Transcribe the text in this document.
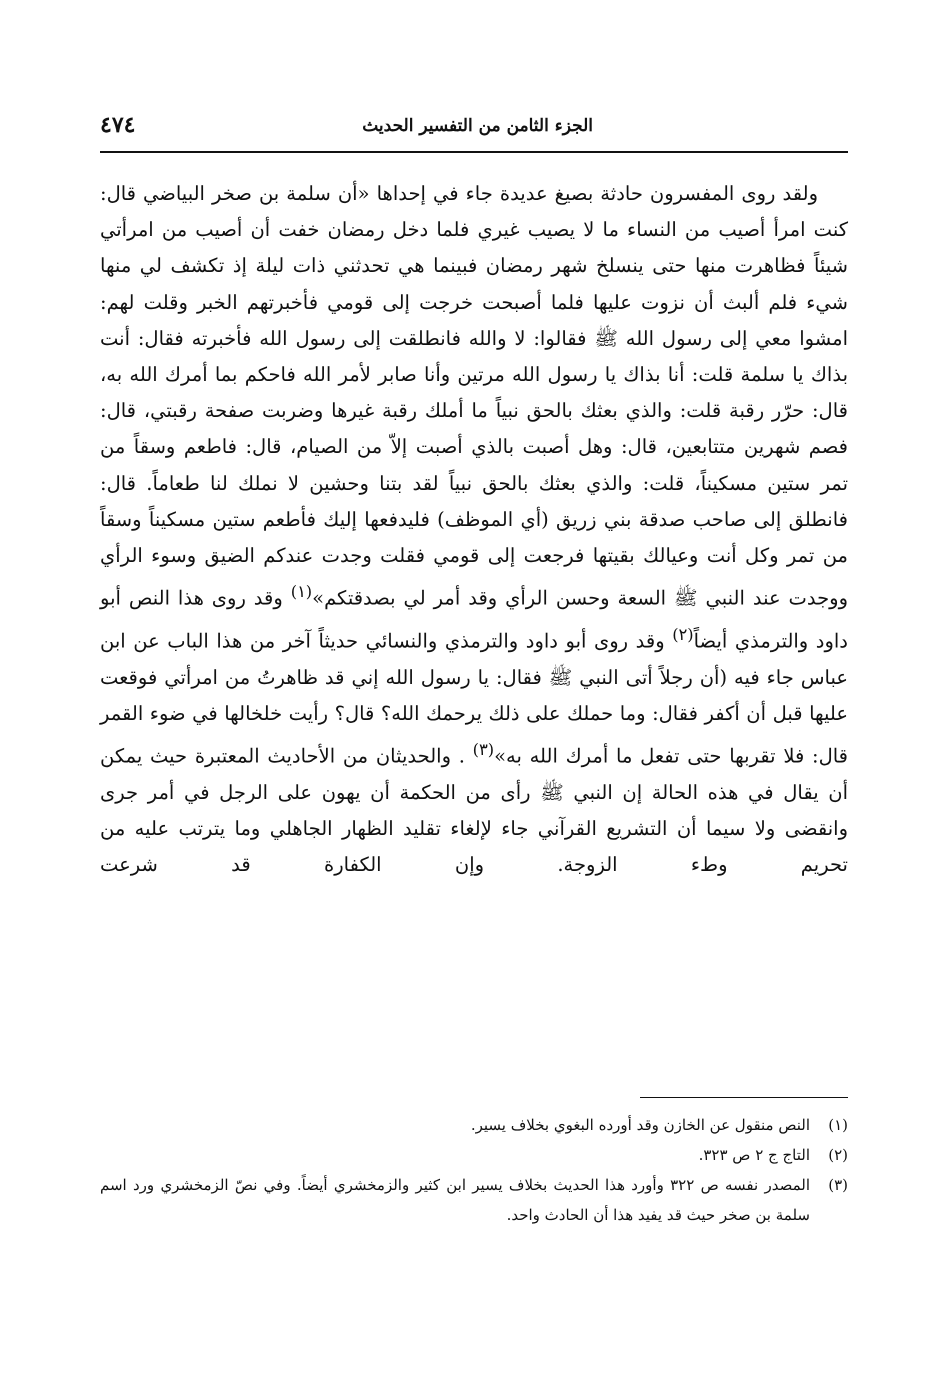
الجزء الثامن من التفسير الحديث
٤٧٤

ولقد روى المفسرون حادثة بصيغ عديدة جاء في إحداها «أن سلمة بن صخر البياضي قال: كنت امرأ أصيب من النساء ما لا يصيب غيري فلما دخل رمضان خفت أن أصيب من امرأتي شيئاً فظاهرت منها حتى ينسلخ شهر رمضان فبينما هي تحدثني ذات ليلة إذ تكشف لي منها شيء فلم ألبث أن نزوت عليها فلما أصبحت خرجت إلى قومي فأخبرتهم الخبر وقلت لهم: امشوا معي إلى رسول الله ﷺ فقالوا: لا والله فانطلقت إلى رسول الله فأخبرته فقال: أنت بذاك يا سلمة قلت: أنا بذاك يا رسول الله مرتين وأنا صابر لأمر الله فاحكم بما أمرك الله به، قال: حرّر رقبة قلت: والذي بعثك بالحق نبياً ما أملك رقبة غيرها وضربت صفحة رقبتي، قال: فصم شهرين متتابعين، قال: وهل أصبت بالذي أصبت إلاّ من الصيام، قال: فاطعم وسقاً من تمر ستين مسكيناً، قلت: والذي بعثك بالحق نبياً لقد بتنا وحشين لا نملك لنا طعاماً. قال: فانطلق إلى صاحب صدقة بني زريق (أي الموظف) فليدفعها إليك فأطعم ستين مسكيناً وسقاً من تمر وكل أنت وعيالك بقيتها فرجعت إلى قومي فقلت وجدت عندكم الضيق وسوء الرأي ووجدت عند النبي ﷺ السعة وحسن الرأي وقد أمر لي بصدقتكم»$^{(١)}$ وقد روى هذا النص أبو داود والترمذي أيضاً$^{(٢)}$ وقد روى أبو داود والترمذي والنسائي حديثاً آخر من هذا الباب عن ابن عباس جاء فيه (أن رجلاً أتى النبي ﷺ فقال: يا رسول الله إني قد ظاهرتُ من امرأتي فوقعت عليها قبل أن أكفر فقال: وما حملك على ذلك يرحمك الله؟ قال؟ رأيت خلخالها في ضوء القمر قال: فلا تقربها حتى تفعل ما أمرك الله به»$^{(٣)}$ . والحديثان من الأحاديث المعتبرة حيث يمكن أن يقال في هذه الحالة إن النبي ﷺ رأى من الحكمة أن يهون على الرجل في أمر جرى وانقضى ولا سيما أن التشريع القرآني جاء لإلغاء تقليد الظهار الجاهلي وما يترتب عليه من تحريم وطء الزوجة. وإن الكفارة قد شرعت

(١)
النص منقول عن الخازن وقد أورده البغوي بخلاف يسير.
(٢)
التاج ج ٢ ص ٣٢٣.
(٣)
المصدر نفسه ص ٣٢٢ وأورد هذا الحديث بخلاف يسير ابن كثير والزمخشري أيضاً. وفي نصّ الزمخشري ورد اسم سلمة بن صخر حيث قد يفيد هذا أن الحادث واحد.
